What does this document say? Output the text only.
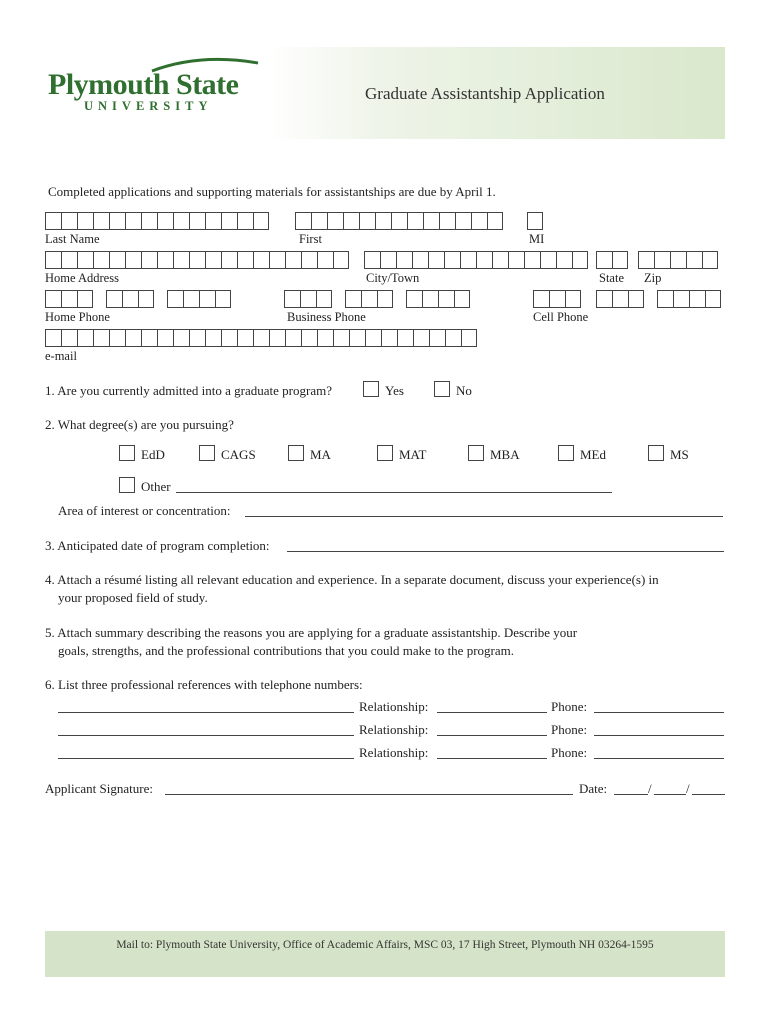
Plymouth State
UNIVERSITY
Graduate Assistantship Application
Completed applications and supporting materials for assistantships are due by April 1.
Last Name	First	MI
Home Address	City/Town	State Zip
Home Phone	Business Phone	Cell Phone
e-mail
1. Are you currently admitted into a graduate program?	Yes	No
2. What degree(s) are you pursuing?
EdD	CAGS	MA	MAT	MBA	MEd	MS
Other
Area of interest or concentration:
3. Anticipated date of program completion:
4. Attach a résumé listing all relevant education and experience. In a separate document, discuss your experience(s) in
your proposed field of study.
5. Attach summary describing the reasons you are applying for a graduate assistantship. Describe your
goals, strengths, and the professional contributions that you could make to the program.
6. List three professional references with telephone numbers:
Relationship:	Phone:
Relationship:	Phone:
Relationship:	Phone:
Applicant Signature:	Date:	/	/
Mail to: Plymouth State University, Office of Academic Affairs, MSC 03, 17 High Street, Plymouth NH 03264-1595
